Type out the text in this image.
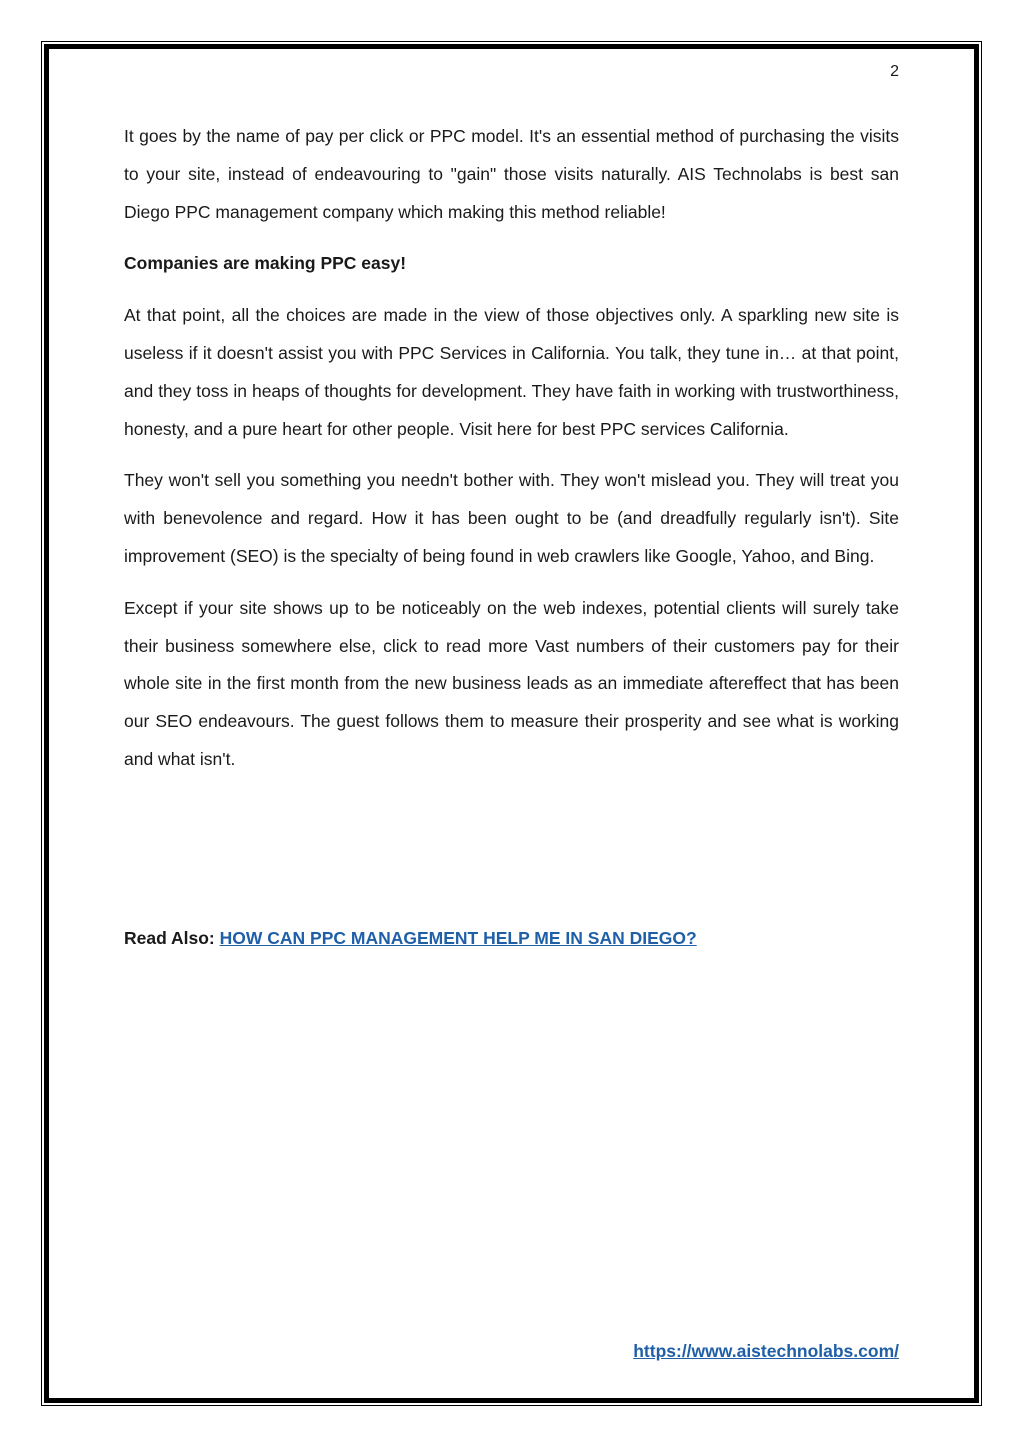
2

It goes by the name of pay per click or PPC model. It's an essential method of purchasing the visits to your site, instead of endeavouring to "gain" those visits naturally. AIS Technolabs is best san Diego PPC management company which making this method reliable!

Companies are making PPC easy!

At that point, all the choices are made in the view of those objectives only. A sparkling new site is useless if it doesn't assist you with PPC Services in California. You talk, they tune in… at that point, and they toss in heaps of thoughts for development. They have faith in working with trustworthiness, honesty, and a pure heart for other people. Visit here for best PPC services California.

They won't sell you something you needn't bother with. They won't mislead you. They will treat you with benevolence and regard. How it has been ought to be (and dreadfully regularly isn't). Site improvement (SEO) is the specialty of being found in web crawlers like Google, Yahoo, and Bing.

Except if your site shows up to be noticeably on the web indexes, potential clients will surely take their business somewhere else, click to read more Vast numbers of their customers pay for their whole site in the first month from the new business leads as an immediate aftereffect that has been our SEO endeavours. The guest follows them to measure their prosperity and see what is working and what isn't.

Read Also: HOW CAN PPC MANAGEMENT HELP ME IN SAN DIEGO?
https://www.aistechnolabs.com/
